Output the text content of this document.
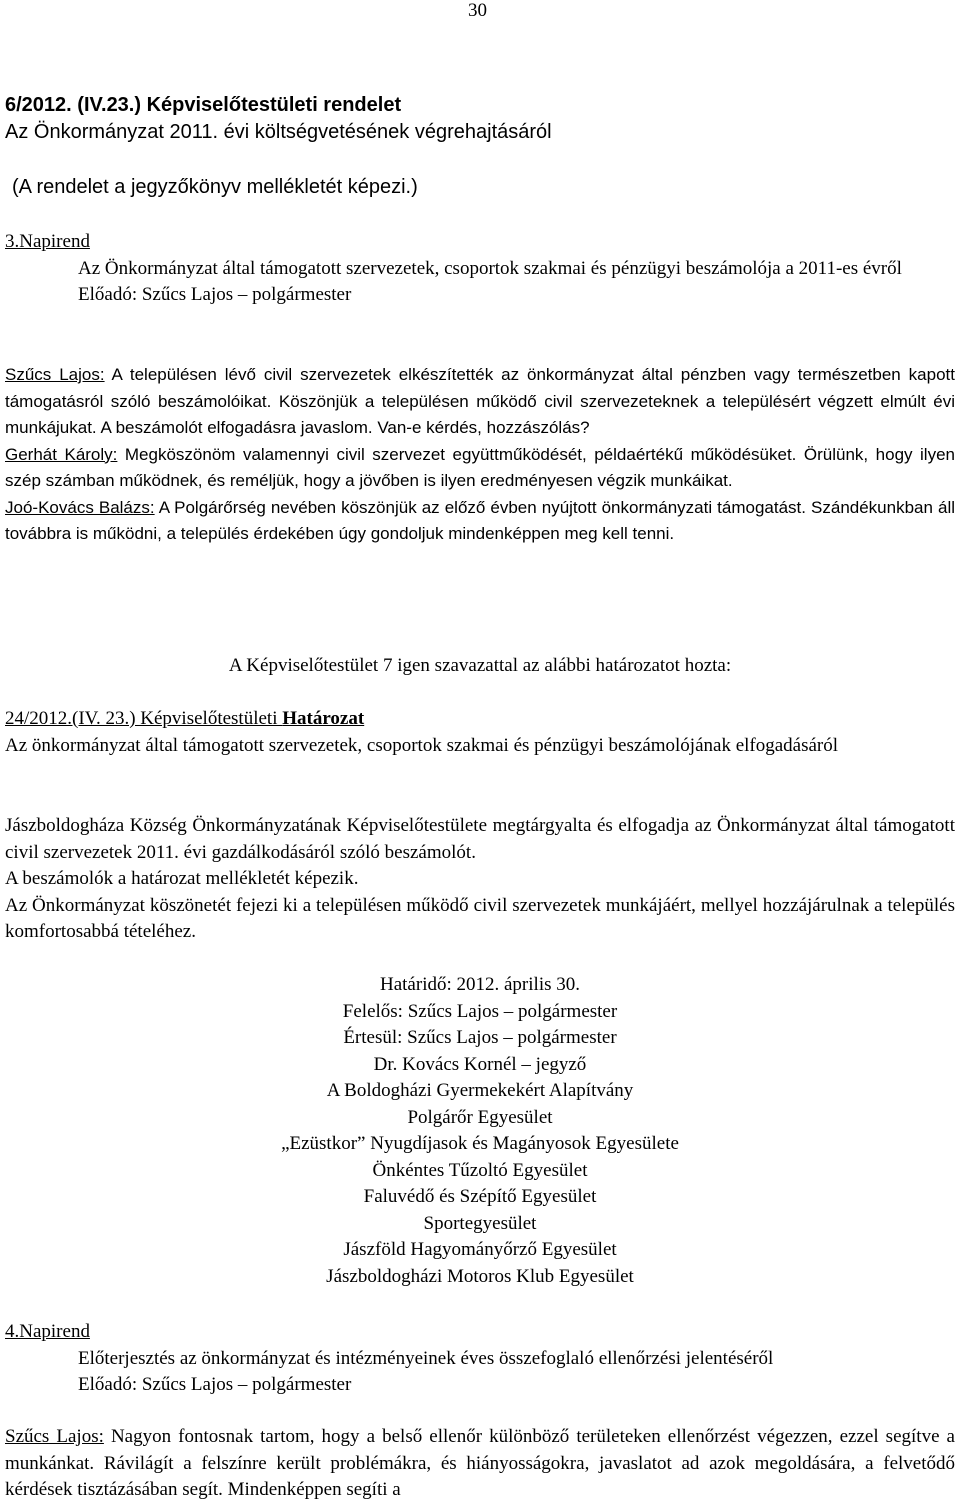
30

6/2012. (IV.23.) Képviselőtestületi rendelet

Az Önkormányzat 2011. évi költségvetésének végrehajtásáról

(A rendelet a jegyzőkönyv mellékletét képezi.)

3.Napirend

Az Önkormányzat által támogatott szervezetek, csoportok szakmai és pénzügyi beszámolója a 2011-es évről

Előadó: Szűcs Lajos – polgármester

Szűcs Lajos: A településen lévő civil szervezetek elkészítették az önkormányzat által pénzben vagy természetben kapott támogatásról szóló beszámolóikat. Köszönjük a településen működő civil szervezeteknek a településért végzett elmúlt évi munkájukat. A beszámolót elfogadásra javaslom. Van-e kérdés, hozzászólás?

Gerhát Károly: Megköszönöm valamennyi civil szervezet együttműködését, példaértékű működésüket. Örülünk, hogy ilyen szép számban működnek, és reméljük, hogy a jövőben is ilyen eredményesen végzik munkáikat.

Joó-Kovács Balázs: A Polgárőrség nevében köszönjük az előző évben nyújtott önkormányzati támogatást. Szándékunkban áll továbbra is működni, a település érdekében úgy gondoljuk mindenképpen meg kell tenni.

A Képviselőtestület 7 igen szavazattal az alábbi határozatot hozta:

24/2012.(IV. 23.) Képviselőtestületi Határozat

Az önkormányzat által támogatott szervezetek, csoportok szakmai és pénzügyi beszámolójának elfogadásáról

Jászboldogháza Község Önkormányzatának Képviselőtestülete megtárgyalta és elfogadja az Önkormányzat által támogatott civil szervezetek 2011. évi gazdálkodásáról szóló beszámolót.

A beszámolók a határozat mellékletét képezik.

Az Önkormányzat köszönetét fejezi ki a településen működő civil szervezetek munkájáért, mellyel hozzájárulnak a település komfortosabbá tételéhez.

Határidő: 2012. április 30.

Felelős: Szűcs Lajos – polgármester

Értesül: Szűcs Lajos – polgármester

Dr. Kovács Kornél – jegyző

A Boldogházi Gyermekekért Alapítvány

Polgárőr Egyesület

„Ezüstkor” Nyugdíjasok és Magányosok Egyesülete

Önkéntes Tűzoltó Egyesület

Faluvédő és Szépítő Egyesület

Sportegyesület

Jászföld Hagyományőrző Egyesület

Jászboldogházi Motoros Klub Egyesület

4.Napirend

Előterjesztés az önkormányzat és intézményeinek éves összefoglaló ellenőrzési jelentéséről

Előadó: Szűcs Lajos – polgármester

Szűcs Lajos: Nagyon fontosnak tartom, hogy a belső ellenőr különböző területeken ellenőrzést végezzen, ezzel segítve a munkánkat. Rávilágít a felszínre került problémákra, és hiányosságokra, javaslatot ad azok megoldására, a felvetődő kérdések tisztázásában segít. Mindenképpen segíti a
